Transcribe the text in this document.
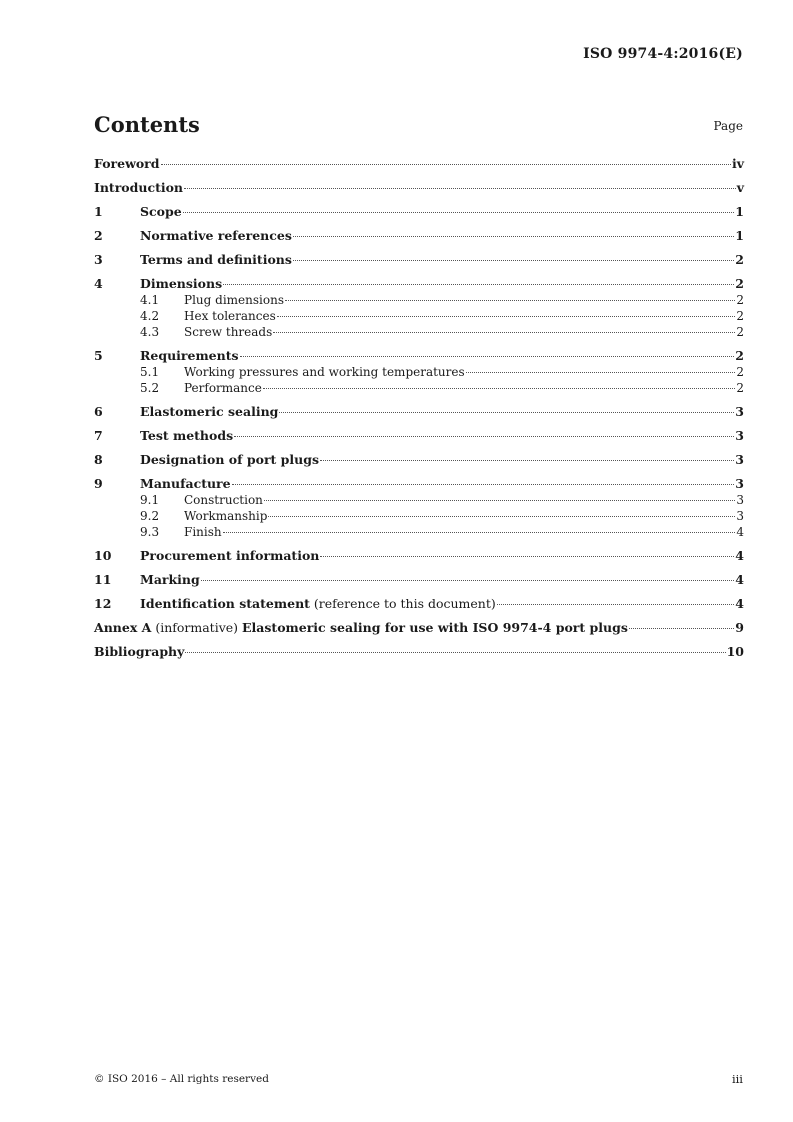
ISO 9974-4:2016(E)
Contents	Page
Foreword	iv
Introduction	v
1	Scope	1
2	Normative references	1
3	Terms and definitions	2
4	Dimensions	2
4.1	Plug dimensions	2
4.2	Hex tolerances	2
4.3	Screw threads	2
5	Requirements	2
5.1	Working pressures and working temperatures	2
5.2	Performance	2
6	Elastomeric sealing	3
7	Test methods	3
8	Designation of port plugs	3
9	Manufacture	3
9.1	Construction	3
9.2	Workmanship	3
9.3	Finish	4
10	Procurement information	4
11	Marking	4
12	Identification statement (reference to this document)	4
Annex A (informative) Elastomeric sealing for use with ISO 9974-4 port plugs	9
Bibliography	10
© ISO 2016 – All rights reserved	iii
